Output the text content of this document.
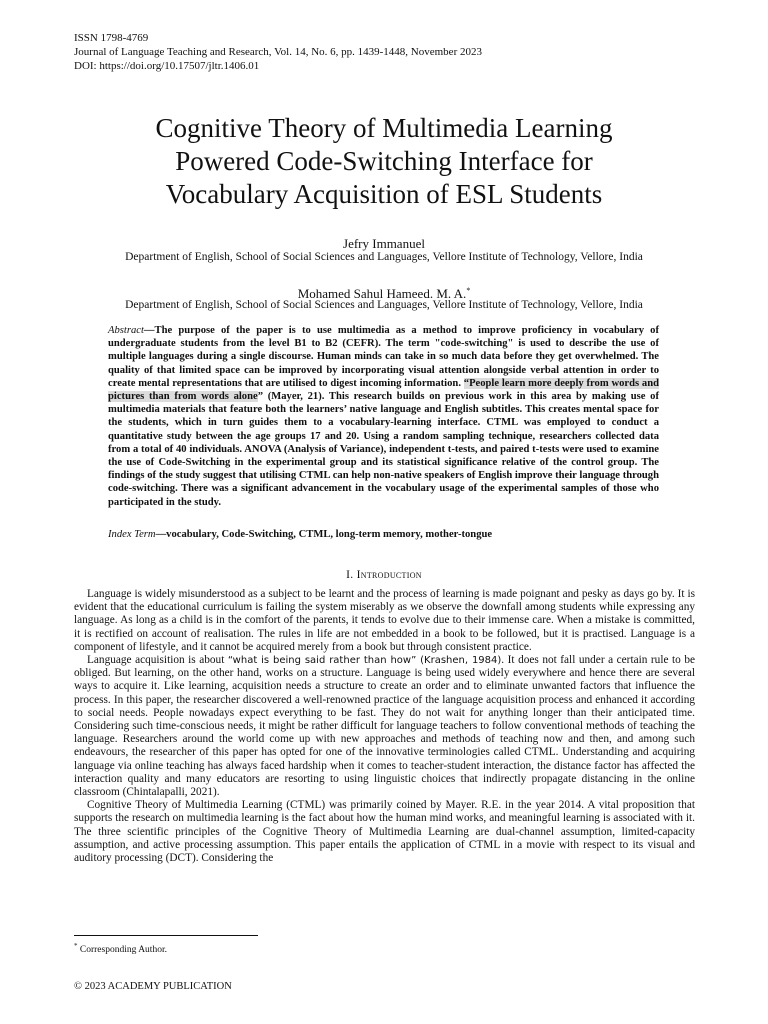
ISSN 1798-4769
Journal of Language Teaching and Research, Vol. 14, No. 6, pp. 1439-1448, November 2023
DOI: https://doi.org/10.17507/jltr.1406.01
Cognitive Theory of Multimedia Learning
Powered Code-Switching Interface for
Vocabulary Acquisition of ESL Students
Jefry Immanuel
Department of English, School of Social Sciences and Languages, Vellore Institute of Technology, Vellore, India
Mohamed Sahul Hameed. M. A.*
Department of English, School of Social Sciences and Languages, Vellore Institute of Technology, Vellore, India
Abstract—The purpose of the paper is to use multimedia as a method to improve proficiency in vocabulary of undergraduate students from the level B1 to B2 (CEFR). The term "code-switching" is used to describe the use of multiple languages during a single discourse. Human minds can take in so much data before they get overwhelmed. The quality of that limited space can be improved by incorporating visual attention alongside verbal attention in order to create mental representations that are utilised to digest incoming information. “People learn more deeply from words and pictures than from words alone” (Mayer, 21). This research builds on previous work in this area by making use of multimedia materials that feature both the learners’ native language and English subtitles. This creates mental space for the students, which in turn guides them to a vocabulary-learning interface. CTML was employed to conduct a quantitative study between the age groups 17 and 20. Using a random sampling technique, researchers collected data from a total of 40 individuals. ANOVA (Analysis of Variance), independent t-tests, and paired t-tests were used to examine the use of Code-Switching in the experimental group and its statistical significance relative of the control group. The findings of the study suggest that utilising CTML can help non-native speakers of English improve their language through code-switching. There was a significant advancement in the vocabulary usage of the experimental samples of those who participated in the study.
Index Term—vocabulary, Code-Switching, CTML, long-term memory, mother-tongue
I. Introduction

Language is widely misunderstood as a subject to be learnt and the process of learning is made poignant and pesky as days go by. It is evident that the educational curriculum is failing the system miserably as we observe the downfall among students while expressing any language. As long as a child is in the comfort of the parents, it tends to evolve due to their immense care. When a mistake is committed, it is rectified on account of realisation. The rules in life are not embedded in a book to be followed, but it is practised. Language is a component of lifestyle, and it cannot be acquired merely from a book but through consistent practice.

Language acquisition is about “what is being said rather than how” (Krashen, 1984). It does not fall under a certain rule to be obliged. But learning, on the other hand, works on a structure. Language is being used widely everywhere and hence there are several ways to acquire it. Like learning, acquisition needs a structure to create an order and to eliminate unwanted factors that influence the process. In this paper, the researcher discovered a well-renowned practice of the language acquisition process and enhanced it according to social needs. People nowadays expect everything to be fast. They do not wait for anything longer than their anticipated time. Considering such time-conscious needs, it might be rather difficult for language teachers to follow conventional methods of teaching the language. Researchers around the world come up with new approaches and methods of teaching now and then, and among such endeavours, the researcher of this paper has opted for one of the innovative terminologies called CTML. Understanding and acquiring language via online teaching has always faced hardship when it comes to teacher-student interaction, the distance factor has affected the interaction quality and many educators are resorting to using linguistic choices that indirectly propagate distancing in the online classroom (Chintalapalli, 2021).

Cognitive Theory of Multimedia Learning (CTML) was primarily coined by Mayer. R.E. in the year 2014. A vital proposition that supports the research on multimedia learning is the fact about how the human mind works, and meaningful learning is associated with it. The three scientific principles of the Cognitive Theory of Multimedia Learning are dual-channel assumption, limited-capacity assumption, and active processing assumption. This paper entails the application of CTML in a movie with respect to its visual and auditory processing (DCT). Considering the

* Corresponding Author.
© 2023 ACADEMY PUBLICATION
